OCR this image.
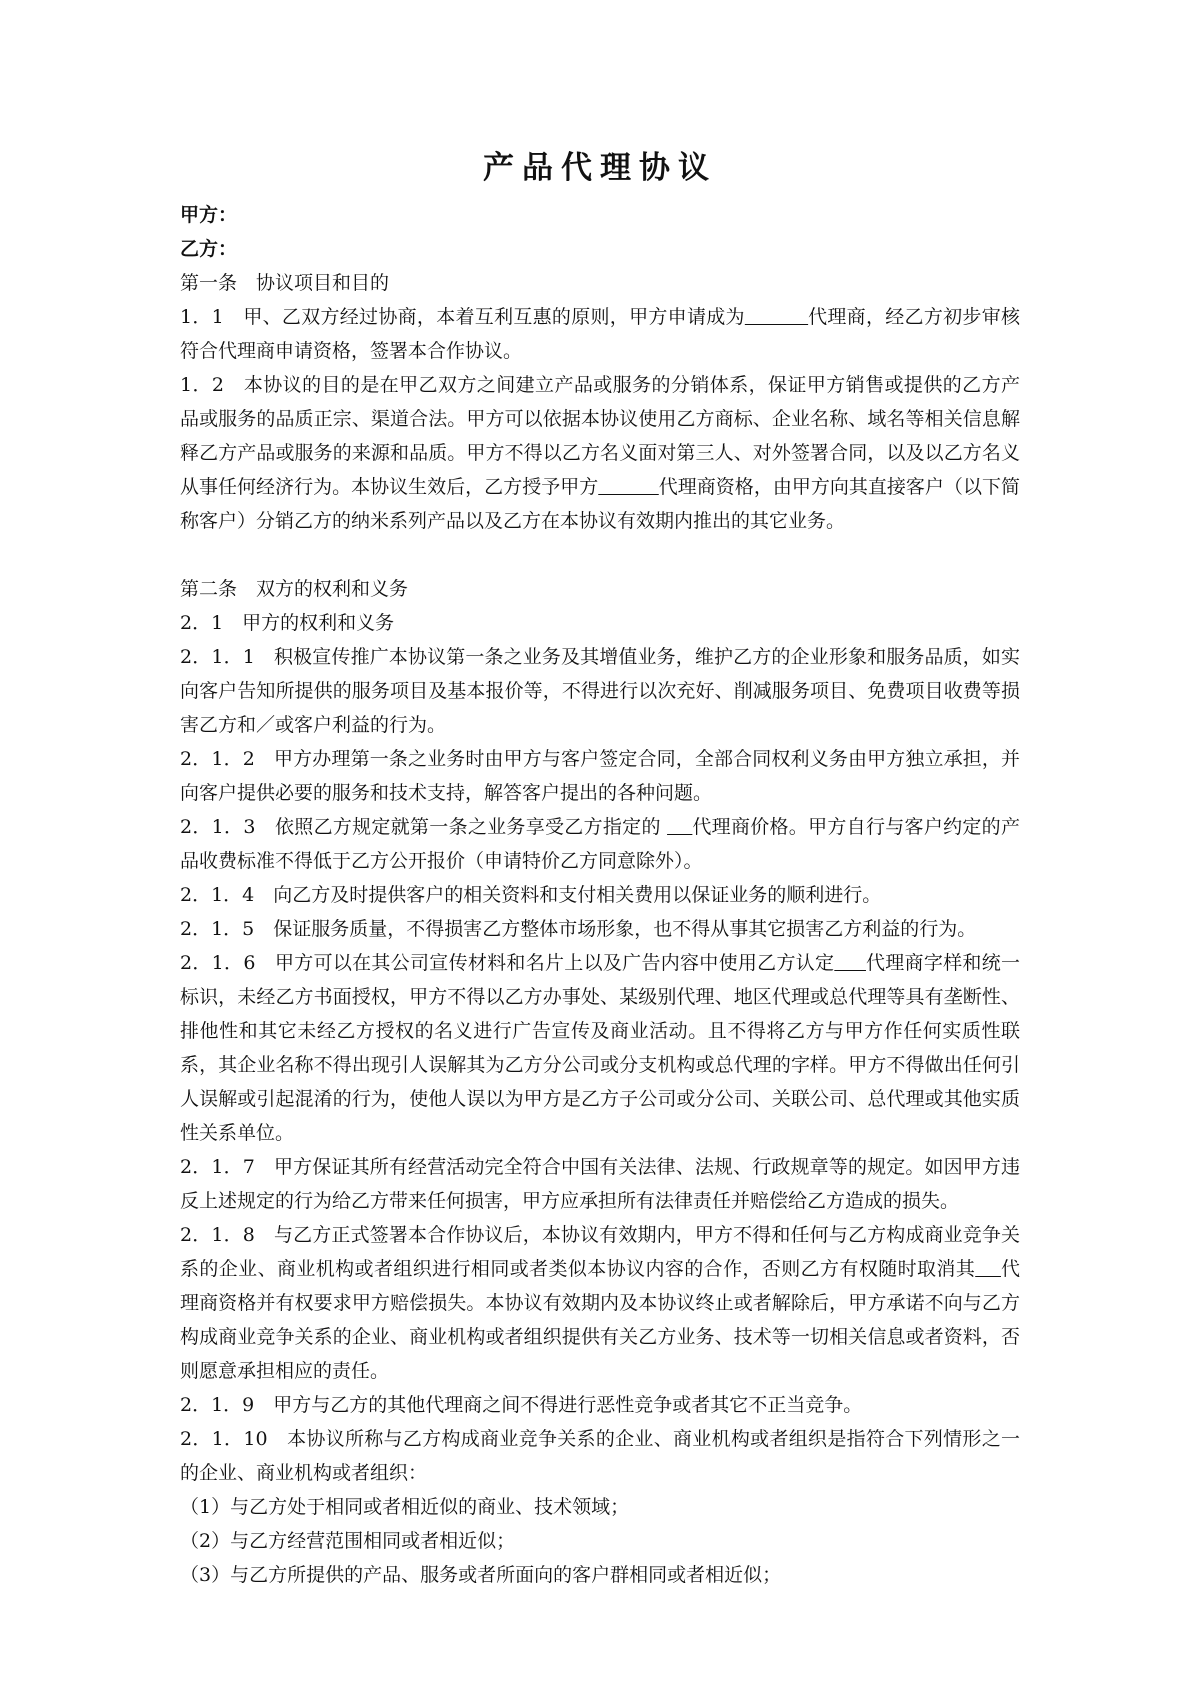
产品代理协议
甲方：
乙方：

第一条　协议项目和目的

1．1　甲、乙双方经过协商，本着互利互惠的原则，甲方申请成为	代理商，经乙方初步审核符合代理商申请资格，签署本合作协议。

1．2　本协议的目的是在甲乙双方之间建立产品或服务的分销体系，保证甲方销售或提供的乙方产品或服务的品质正宗、渠道合法。甲方可以依据本协议使用乙方商标、企业名称、域名等相关信息解释乙方产品或服务的来源和品质。甲方不得以乙方名义面对第三人、对外签署合同，以及以乙方名义从事任何经济行为。本协议生效后，乙方授予甲方	代理商资格，由甲方向其直接客户（以下简称客户）分销乙方的纳米系列产品以及乙方在本协议有效期内推出的其它业务。

第二条　双方的权利和义务

2．1　甲方的权利和义务

2．1．1　积极宣传推广本协议第一条之业务及其增值业务，维护乙方的企业形象和服务品质，如实向客户告知所提供的服务项目及基本报价等，不得进行以次充好、削减服务项目、免费项目收费等损害乙方和／或客户利益的行为。

2．1．2　甲方办理第一条之业务时由甲方与客户签定合同，全部合同权利义务由甲方独立承担，并向客户提供必要的服务和技术支持，解答客户提出的各种问题。

2．1．3　依照乙方规定就第一条之业务享受乙方指定的     代理商价格。甲方自行与客户约定的产品收费标准不得低于乙方公开报价（申请特价乙方同意除外）。

2．1．4　向乙方及时提供客户的相关资料和支付相关费用以保证业务的顺利进行。

2．1．5　保证服务质量，不得损害乙方整体市场形象，也不得从事其它损害乙方利益的行为。

2．1．6　甲方可以在其公司宣传材料和名片上以及广告内容中使用乙方认定 代理商字样和统一标识，未经乙方书面授权，甲方不得以乙方办事处、某级别代理、地区代理或总代理等具有垄断性、排他性和其它未经乙方授权的名义进行广告宣传及商业活动。且不得将乙方与甲方作任何实质性联系，其企业名称不得出现引人误解其为乙方分公司或分支机构或总代理的字样。甲方不得做出任何引人误解或引起混淆的行为，使他人误以为甲方是乙方子公司或分公司、关联公司、总代理或其他实质性关系单位。

2．1．7　甲方保证其所有经营活动完全符合中国有关法律、法规、行政规章等的规定。如因甲方违反上述规定的行为给乙方带来任何损害，甲方应承担所有法律责任并赔偿给乙方造成的损失。

2．1．8　与乙方正式签署本合作协议后，本协议有效期内，甲方不得和任何与乙方构成商业竞争关系的企业、商业机构或者组织进行相同或者类似本协议内容的合作，否则乙方有权随时取消其 代理商资格并有权要求甲方赔偿损失。本协议有效期内及本协议终止或者解除后，甲方承诺不向与乙方构成商业竞争关系的企业、商业机构或者组织提供有关乙方业务、技术等一切相关信息或者资料，否则愿意承担相应的责任。

2．1．9　甲方与乙方的其他代理商之间不得进行恶性竞争或者其它不正当竞争。

2．1．10　本协议所称与乙方构成商业竞争关系的企业、商业机构或者组织是指符合下列情形之一的企业、商业机构或者组织：

（1）与乙方处于相同或者相近似的商业、技术领域；

（2）与乙方经营范围相同或者相近似；

（3）与乙方所提供的产品、服务或者所面向的客户群相同或者相近似；
